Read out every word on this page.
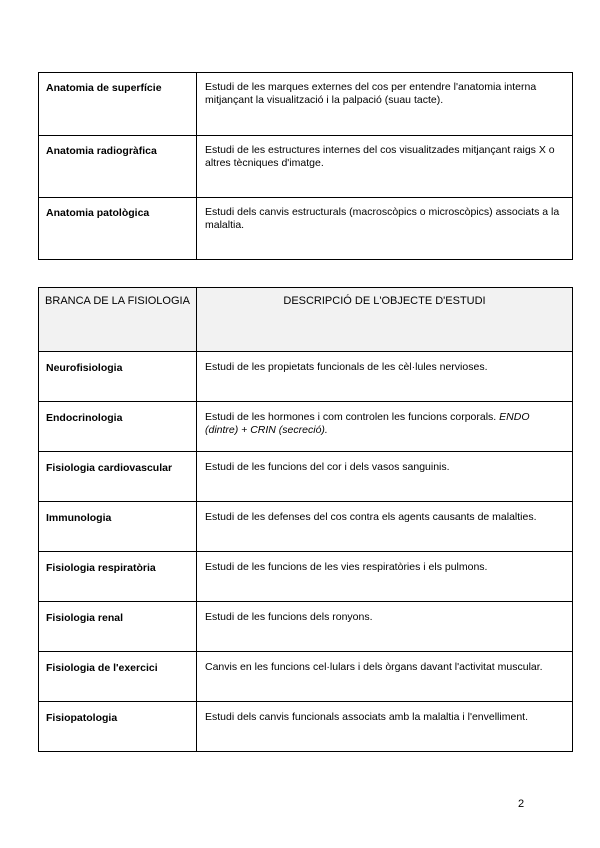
Anatomia de superfície	Estudi de les marques externes del cos per entendre l'anatomia interna mitjançant la visualització i la palpació (suau tacte).
Anatomia radiogràfica	Estudi de les estructures internes del cos visualitzades mitjançant raigs X o altres tècniques d'imatge.
Anatomia patològica	Estudi dels canvis estructurals (macroscòpics o microscòpics) associats a la malaltia.
BRANCA DE LA FISIOLOGIA	DESCRIPCIÓ DE L'OBJECTE D'ESTUDI
Neurofisiologia	Estudi de les propietats funcionals de les cèl·lules nervioses.
Endocrinologia	Estudi de les hormones i com controlen les funcions corporals. ENDO (dintre) + CRIN (secreció).
Fisiologia cardiovascular	Estudi de les funcions del cor i dels vasos sanguinis.
Immunologia	Estudi de les defenses del cos contra els agents causants de malalties.
Fisiologia respiratòria	Estudi de les funcions de les vies respiratòries i els pulmons.
Fisiologia renal	Estudi de les funcions dels ronyons.
Fisiologia de l'exercici	Canvis en les funcions cel·lulars i dels òrgans davant l'activitat muscular.
Fisiopatologia	Estudi dels canvis funcionals associats amb la malaltia i l'envelliment.
2
